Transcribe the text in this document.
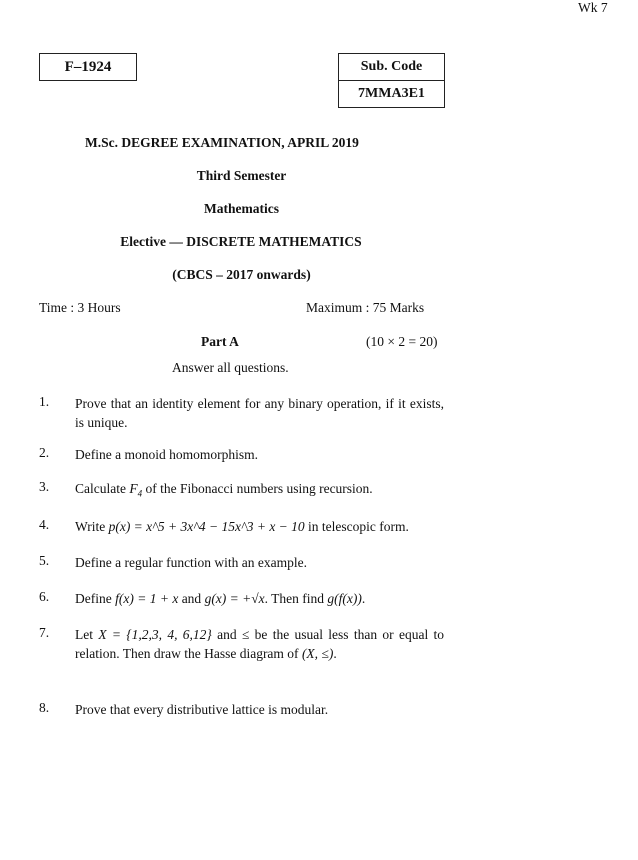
Wk 7
F–1924	Sub. Code
7MMA3E1
M.Sc. DEGREE EXAMINATION, APRIL 2019
Third Semester
Mathematics
Elective — DISCRETE MATHEMATICS
(CBCS – 2017 onwards)
Time : 3 Hours	Maximum : 75 Marks
Part A	(10 × 2 = 20)
Answer all questions.
1.	Prove that an identity element for any binary operation, if it exists, is unique.
2.	Define a monoid homomorphism.
3.	Calculate $F_4$ of the Fibonacci numbers using recursion.
4.	Write p(x) = x^5 + 3x^4 − 15x^3 + x − 10 in telescopic form.
5.	Define a regular function with an example.
6.	Define f(x) = 1 + x and g(x) = +√x. Then find g(f(x)).
7.	Let X = {1,2,3, 4, 6,12} and ≤ be the usual less than or equal to relation. Then draw the Hasse diagram of (X, ≤).
8.	Prove that every distributive lattice is modular.
